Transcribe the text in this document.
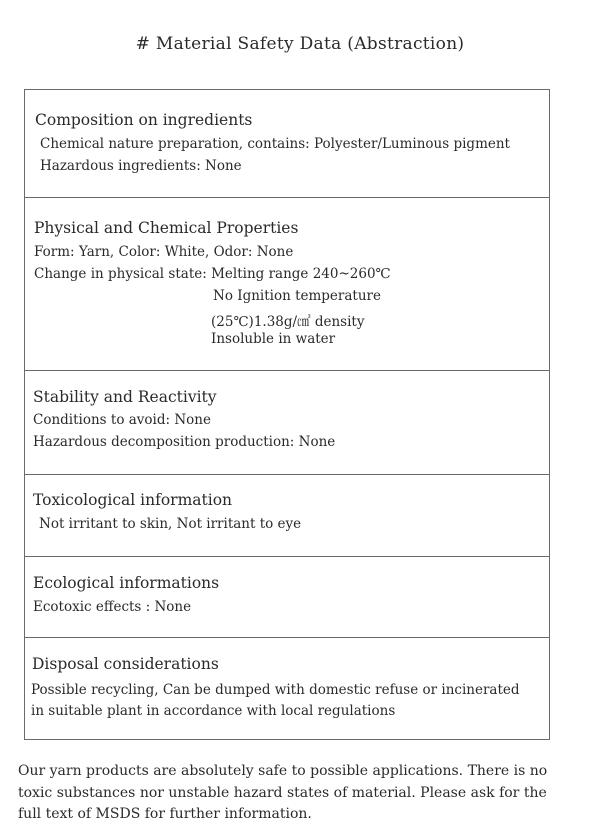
# Material Safety Data (Abstraction)
Composition on ingredients
Chemical nature preparation, contains: Polyester/Luminous pigment
Hazardous ingredients: None
Physical and Chemical Properties
Form: Yarn, Color: White, Odor: None
Change in physical state: Melting range 240~260℃
No Ignition temperature
(25℃)1.38g/㎤ density
Insoluble in water
Stability and Reactivity
Conditions to avoid: None
Hazardous decomposition production: None
Toxicological information
Not irritant to skin, Not irritant to eye
Ecological informations
Ecotoxic effects : None
Disposal considerations
Possible recycling, Can be dumped with domestic refuse or incinerated
in suitable plant in accordance with local regulations
Our yarn products are absolutely safe to possible applications. There is no
toxic substances nor unstable hazard states of material. Please ask for the
full text of MSDS for further information.
